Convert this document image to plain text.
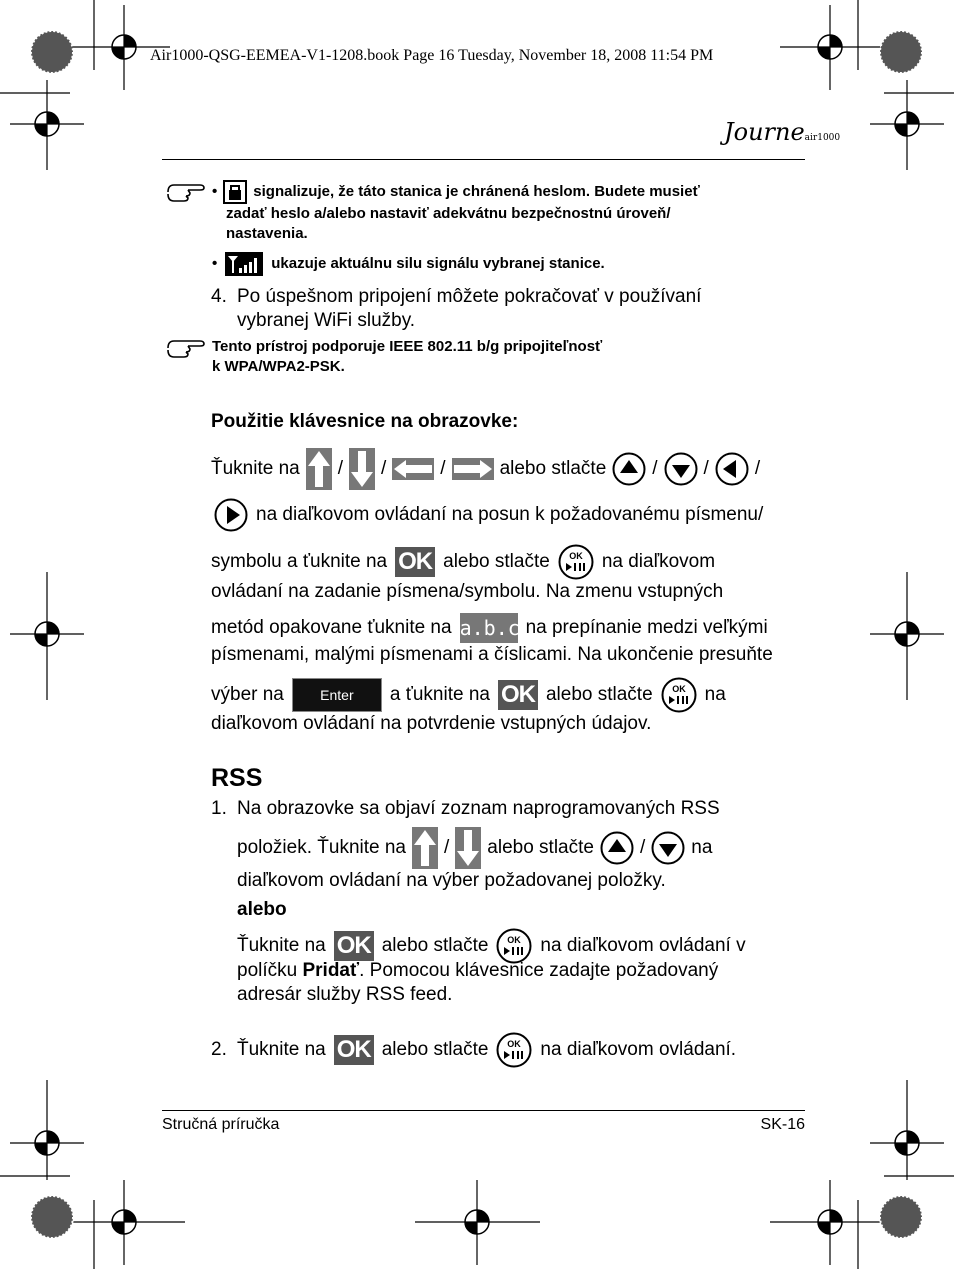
Air1000-QSG-EEMEA-V1-1208.book Page 16 Tuesday, November 18, 2008 11:54 PM
Journeair1000
• signalizuje, že táto stanica je chránená heslom. Budete musieť
zadať heslo a/alebo nastaviť adekvátnu bezpečnostnú úroveň/
nastavenia.
•	ukazuje aktuálnu silu signálu vybranej stanice.
4. Po úspešnom pripojení môžete pokračovať v používaní
vybranej WiFi služby.
Tento prístroj podporuje IEEE 802.11 b/g pripojiteľnosť
k WPA/WPA2-PSK.
Použitie klávesnice na obrazovke:
Ťuknite na / /	/	alebo stlačte / / /
na diaľkovom ovládaní na posun k požadovanému písmenu/
symbolu a ťuknite na OK alebo stlačte OK na diaľkovom
ovládaní na zadanie písmena/symbolu. Na zmenu vstupných
metód opakovane ťuknite na a.b.c na prepínanie medzi veľkými
písmenami, malými písmenami a číslicami. Na ukončenie presuňte
výber na	Enter	a ťuknite na OK alebo stlačte OK na
diaľkovom ovládaní na potvrdenie vstupných údajov.
RSS
1. Na obrazovke sa objaví zoznam naprogramovaných RSS
položiek. Ťuknite na / alebo stlačte / na
diaľkovom ovládaní na výber požadovanej položky.
alebo
Ťuknite na OK alebo stlačte OK na diaľkovom ovládaní v
políčku Pridať. Pomocou klávesnice zadajte požadovaný
adresár služby RSS feed.
2. Ťuknite na OK alebo stlačte OK na diaľkovom ovládaní.
Stručná príručka	SK-16
